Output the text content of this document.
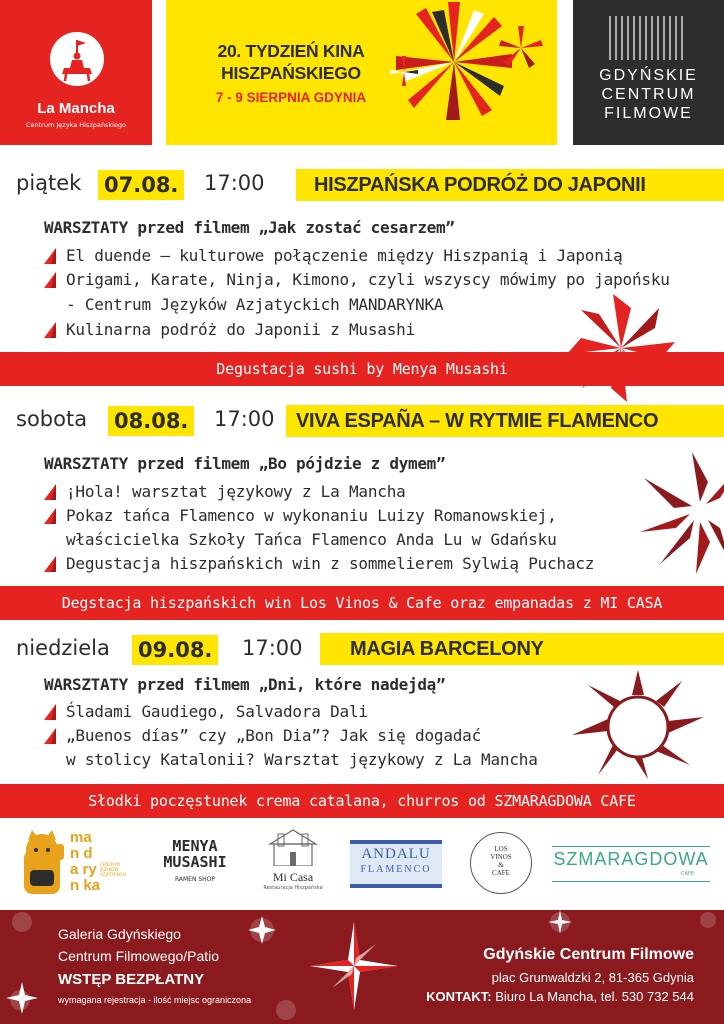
La Mancha
Centrum Języka Hiszpańskiego
20. TYDZIEŃ KINA
HISZPAŃSKIEGO
7 - 9 SIERPNIA GDYNIA
GDYŃSKIE
CENTRUM
FILMOWE
piątek 07.08. 17:00 HISZPAŃSKA PODRÓŻ DO JAPONII
WARSZTATY przed filmem „Jak zostać cesarzem”
El duende – kulturowe połączenie między Hiszpanią i Japonią
Origami, Karate, Ninja, Kimono, czyli wszyscy mówimy po japońsku
- Centrum Języków Azjatyckich MANDARYNKA
Kulinarna podróż do Japonii z Musashi
Degustacja sushi by Menya Musashi
sobota 08.08. 17:00 VIVA ESPAÑA – W RYTMIE FLAMENCO
WARSZTATY przed filmem „Bo pójdzie z dymem”
¡Hola! warsztat językowy z La Mancha
Pokaz tańca Flamenco w wykonaniu Luizy Romanowskiej,
właścicielka Szkoły Tańca Flamenco Anda Lu w Gdańsku
Degustacja hiszpańskich win z sommelierem Sylwią Puchacz
Degstacja hiszpańskich win Los Vinos & Cafe oraz empanadas z MI CASA
niedziela 09.08. 17:00 MAGIA BARCELONY
WARSZTATY przed filmem „Dni, które nadejdą”
Śladami Gaudiego, Salvadora Dali
„Buenos días” czy „Bon Dia”? Jak się dogadać
w stolicy Katalonii? Warsztat językowy z La Mancha
Słodki poczęstunek crema catalana, churros od SZMARAGDOWA CAFE
man da ryn ka
CENTRUM JĘZYKÓW AZJATYCKICH
MENYA
MUSASHI
RAMEN SHOP	Mi Casa
Restauracja Hiszpańska
ANDALU
FLAMENCO
LOS
VINOS
&
CAFE
SZMARAGDOWA
CAFE
Galeria Gdyńskiego
Centrum Filmowego/Patio
WSTĘP BEZPŁATNY
wymagana rejestracja - ilość miejsc ograniczona
Gdyńskie Centrum Filmowe
plac Grunwaldzki 2, 81-365 Gdynia
KONTAKT: Biuro La Mancha, tel. 530 732 544
